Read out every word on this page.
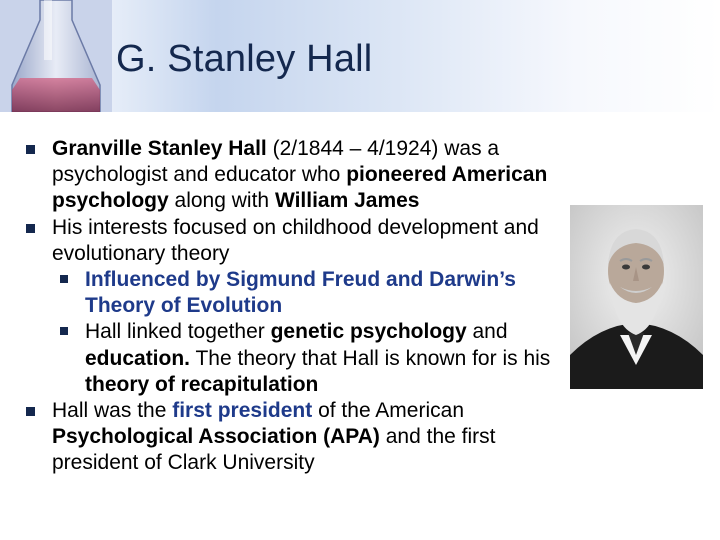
G. Stanley Hall
Granville Stanley Hall (2/1844 – 4/1924) was a psychologist and educator who pioneered American psychology along with William James
His interests focused on childhood development and evolutionary theory
Influenced by Sigmund Freud and Darwin’s Theory of Evolution
Hall linked together genetic psychology and education. The theory that Hall is known for is his theory of recapitulation
Hall was the first president of the American Psychological Association (APA) and the first president of Clark University
